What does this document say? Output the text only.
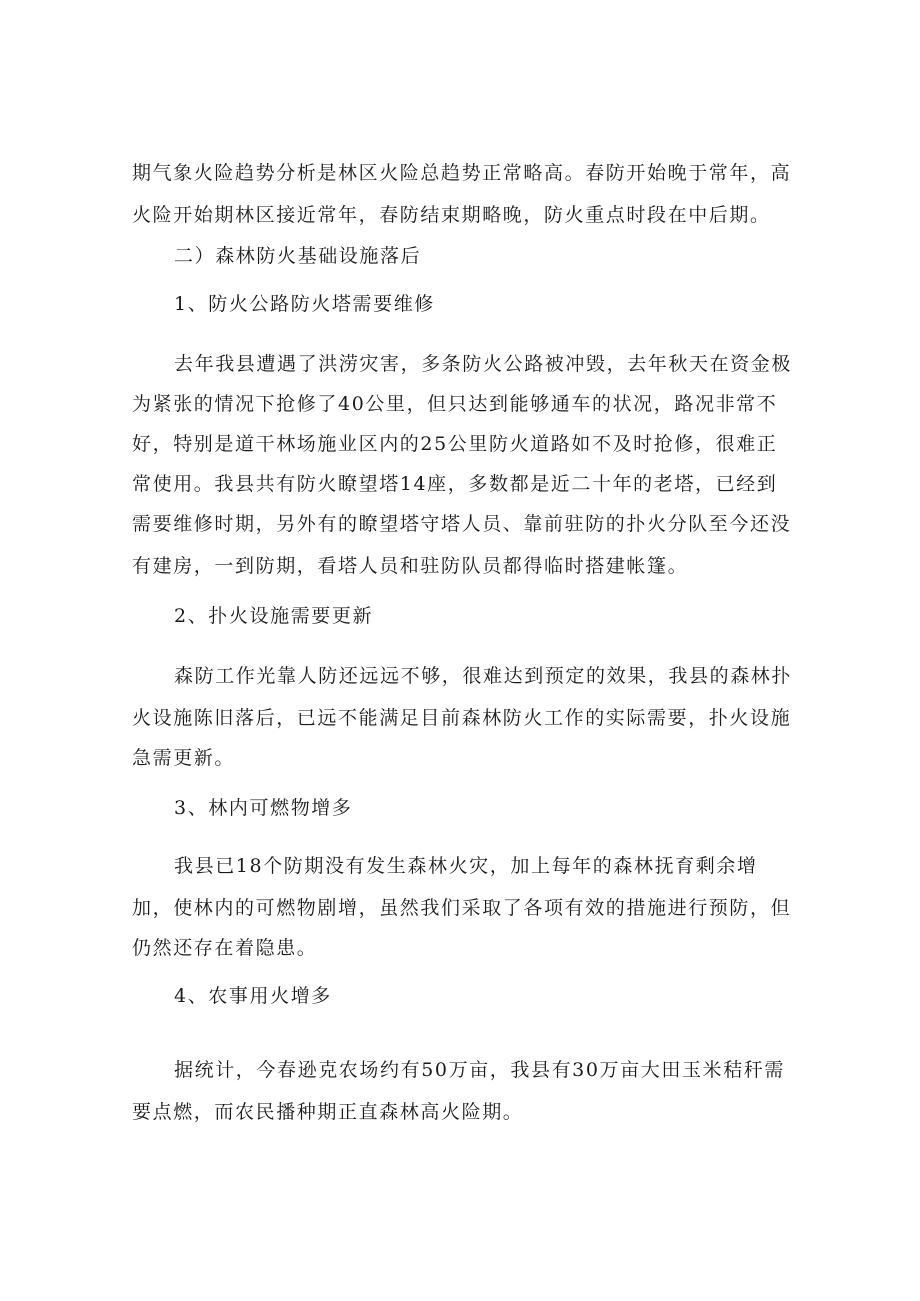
期气象火险趋势分析是林区火险总趋势正常略高。春防开始晚于常年，高
火险开始期林区接近常年，春防结束期略晚，防火重点时段在中后期。
二）森林防火基础设施落后
1、防火公路防火塔需要维修
去年我县遭遇了洪涝灾害，多条防火公路被冲毁，去年秋天在资金极
为紧张的情况下抢修了40公里，但只达到能够通车的状况，路况非常不
好，特别是道干林场施业区内的25公里防火道路如不及时抢修，很难正
常使用。我县共有防火瞭望塔14座，多数都是近二十年的老塔，已经到
需要维修时期，另外有的瞭望塔守塔人员、靠前驻防的扑火分队至今还没
有建房，一到防期，看塔人员和驻防队员都得临时搭建帐篷。
2、扑火设施需要更新
森防工作光靠人防还远远不够，很难达到预定的效果，我县的森林扑
火设施陈旧落后，已远不能满足目前森林防火工作的实际需要，扑火设施
急需更新。
3、林内可燃物增多
我县已18个防期没有发生森林火灾，加上每年的森林抚育剩余增
加，使林内的可燃物剧增，虽然我们采取了各项有效的措施进行预防，但
仍然还存在着隐患。
4、农事用火增多
据统计，今春逊克农场约有50万亩，我县有30万亩大田玉米秸秆需
要点燃，而农民播种期正直森林高火险期。
